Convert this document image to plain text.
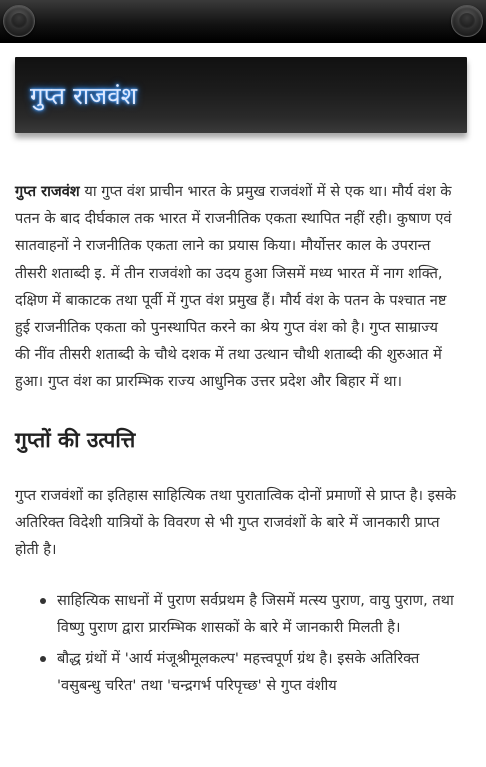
गुप्त राजवंश

गुप्त राजवंश या गुप्त वंश प्राचीन भारत के प्रमुख राजवंशों में से एक था। मौर्य वंश के पतन के बाद दीर्घकाल तक भारत में राजनीतिक एकता स्थापित नहीं रही। कुषाण एवं सातवाहनों ने राजनीतिक एकता लाने का प्रयास किया। मौर्योत्तर काल के उपरान्त तीसरी शताब्दी इ. में तीन राजवंशो का उदय हुआ जिसमें मध्य भारत में नाग शक्‍ति, दक्षिण में बाकाटक तथा पूर्वी में गुप्त वंश प्रमुख हैं। मौर्य वंश के पतन के पश्चात नष्ट हुई राजनीतिक एकता को पुनस्थापित करने का श्रेय गुप्त वंश को है। गुप्त साम्राज्य की नींव तीसरी शताब्दी के चौथे दशक में तथा उत्थान चौथी शताब्दी की शुरुआत में हुआ। गुप्त वंश का प्रारम्भिक राज्य आधुनिक उत्तर प्रदेश और बिहार में था।

गुप्तों की उत्पत्ति

गुप्त राजवंशों का इतिहास साहित्यिक तथा पुरातात्विक दोनों प्रमाणों से प्राप्त है। इसके अतिरिक्त विदेशी यात्रियों के विवरण से भी गुप्त राजवंशों के बारे में जानकारी प्राप्त होती है।

साहित्यिक साधनों में पुराण सर्वप्रथम है जिसमें मत्स्य पुराण, वायु पुराण, तथा विष्णु पुराण द्वारा प्रारम्भिक शासकों के बारे में जानकारी मिलती है।
बौद्ध ग्रंथों में 'आर्य मंजूश्रीमूलकल्प' महत्त्वपूर्ण ग्रंथ है। इसके अतिरिक्त 'वसुबन्धु चरित' तथा 'चन्द्रगर्भ परिपृच्छ' से गुप्त वंशीय
